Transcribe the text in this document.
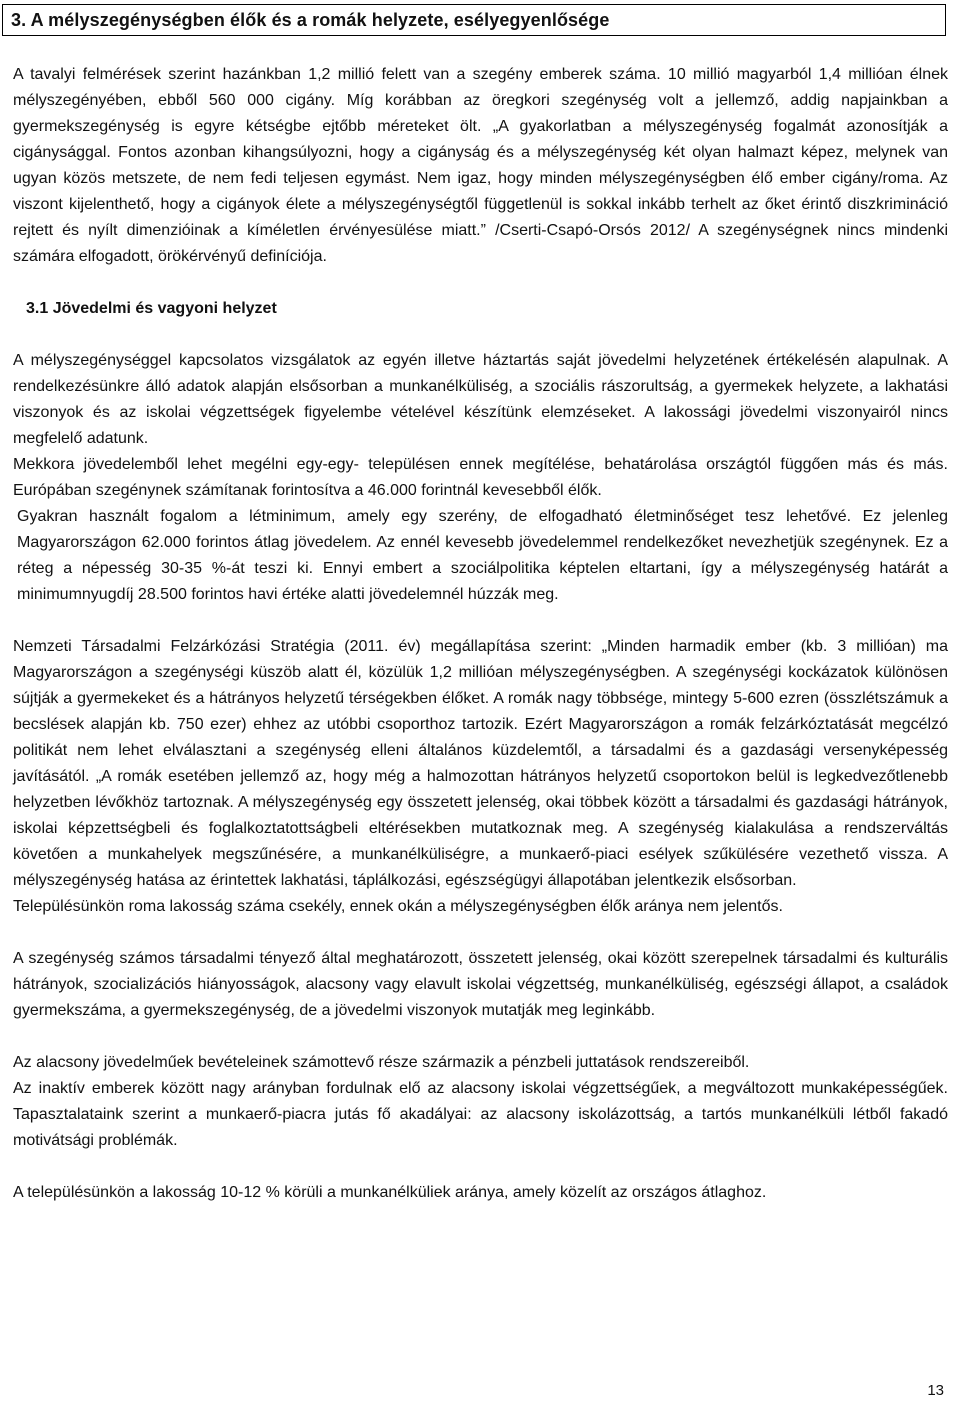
3. A mélyszegénységben élők és a romák helyzete, esélyegyenlősége

A tavalyi felmérések szerint hazánkban 1,2 millió felett van a szegény emberek száma. 10 millió magyarból 1,4 millióan élnek mélyszegényében, ebből 560 000 cigány. Míg korábban az öregkori szegénység volt a jellemző, addig napjainkban a gyermekszegénység is egyre kétségbe ejtőbb méreteket ölt. „A gyakorlatban a mélyszegénység fogalmát azonosítják a cigánysággal. Fontos azonban kihangsúlyozni, hogy a cigányság és a mélyszegénység két olyan halmazt képez, melynek van ugyan közös metszete, de nem fedi teljesen egymást. Nem igaz, hogy minden mélyszegénységben élő ember cigány/roma. Az viszont kijelenthető, hogy a cigányok élete a mélyszegénységtől függetlenül is sokkal inkább terhelt az őket érintő diszkrimináció rejtett és nyílt dimenzióinak a kíméletlen érvényesülése miatt.” /Cserti-Csapó-Orsós 2012/ A szegénységnek nincs mindenki számára elfogadott, örökérvényű definíciója.

3.1 Jövedelmi és vagyoni helyzet

A mélyszegénységgel kapcsolatos vizsgálatok az egyén illetve háztartás saját jövedelmi helyzetének értékelésén alapulnak. A rendelkezésünkre álló adatok alapján elsősorban a munkanélküliség, a szociális rászorultság, a gyermekek helyzete, a lakhatási viszonyok és az iskolai végzettségek figyelembe vételével készítünk elemzéseket. A lakossági jövedelmi viszonyairól nincs megfelelő adatunk.

Mekkora jövedelemből lehet megélni egy-egy- településen ennek megítélése, behatárolása országtól függően más és más. Európában szegénynek számítanak forintosítva a 46.000 forintnál kevesebből élők.

Gyakran használt fogalom a létminimum, amely egy szerény, de elfogadható életminőséget tesz lehetővé. Ez jelenleg Magyarországon 62.000 forintos átlag jövedelem. Az ennél kevesebb jövedelemmel rendelkezőket nevezhetjük szegénynek. Ez a réteg a népesség 30-35 %-át teszi ki. Ennyi embert a szociálpolitika képtelen eltartani, így a mélyszegénység határát a minimumnyugdíj 28.500 forintos havi értéke alatti jövedelemnél húzzák meg.

Nemzeti Társadalmi Felzárkózási Stratégia (2011. év) megállapítása szerint: „Minden harmadik ember (kb. 3 millióan) ma Magyarországon a szegénységi küszöb alatt él, közülük 1,2 millióan mélyszegénységben. A szegénységi kockázatok különösen sújtják a gyermekeket és a hátrányos helyzetű térségekben élőket. A romák nagy többsége, mintegy 5-600 ezren (összlétszámuk a becslések alapján kb. 750 ezer) ehhez az utóbbi csoporthoz tartozik. Ezért Magyarországon a romák felzárkóztatását megcélzó politikát nem lehet elválasztani a szegénység elleni általános küzdelemtől, a társadalmi és a gazdasági versenyképesség javításától. „A romák esetében jellemző az, hogy még a halmozottan hátrányos helyzetű csoportokon belül is legkedvezőtlenebb helyzetben lévőkhöz tartoznak. A mélyszegénység egy összetett jelenség, okai többek között a társadalmi és gazdasági hátrányok, iskolai képzettségbeli és foglalkoztatottságbeli eltérésekben mutatkoznak meg. A szegénység kialakulása a rendszerváltás követően a munkahelyek megszűnésére, a munkanélküliségre, a munkaerő-piaci esélyek szűkülésére vezethető vissza. A mélyszegénység hatása az érintettek lakhatási, táplálkozási, egészségügyi állapotában jelentkezik elsősorban.

Településünkön roma lakosság száma csekély, ennek okán a mélyszegénységben élők aránya nem jelentős.

A szegénység számos társadalmi tényező által meghatározott, összetett jelenség, okai között szerepelnek társadalmi és kulturális hátrányok, szocializációs hiányosságok, alacsony vagy elavult iskolai végzettség, munkanélküliség, egészségi állapot, a családok gyermekszáma, a gyermekszegénység, de a jövedelmi viszonyok mutatják meg leginkább.

Az alacsony jövedelműek bevételeinek számottevő része származik a pénzbeli juttatások rendszereiből.

Az inaktív emberek között nagy arányban fordulnak elő az alacsony iskolai végzettségűek, a megváltozott munkaképességűek. Tapasztalataink szerint a munkaerő-piacra jutás fő akadályai: az alacsony iskolázottság, a tartós munkanélküli létből fakadó motivátsági problémák.

A településünkön a lakosság 10-12 % körüli a munkanélküliek aránya, amely közelít az országos átlaghoz.

13
